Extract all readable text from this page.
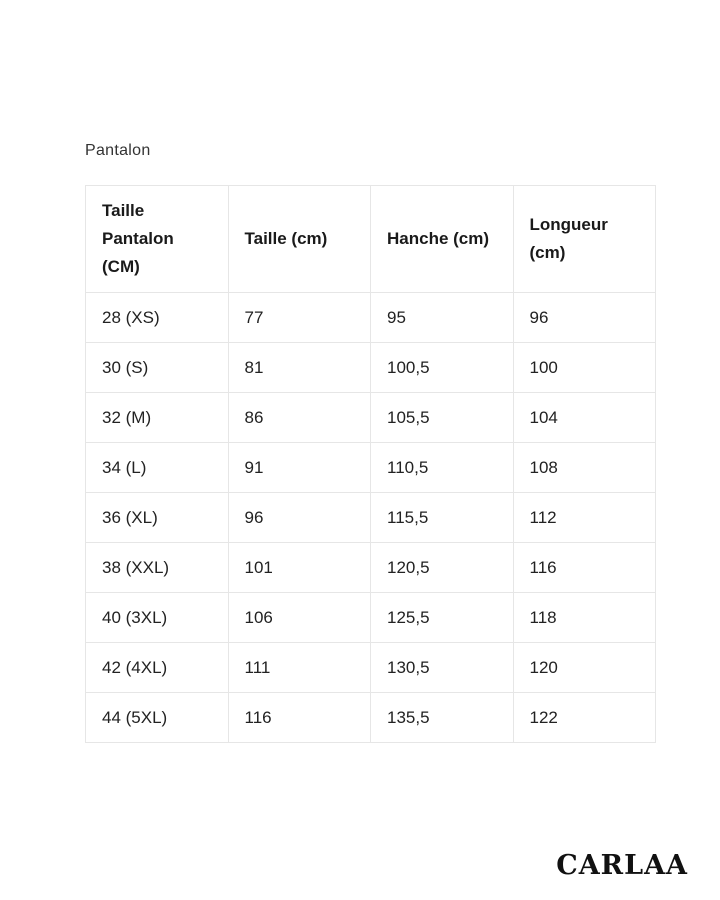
Pantalon
Taille Pantalon (CM)	Taille (cm)	Hanche (cm)	Longueur (cm)
28 (XS)	77	95	96
30 (S)	81	100,5	100
32 (M)	86	105,5	104
34 (L)	91	110,5	108
36 (XL)	96	115,5	112
38 (XXL)	101	120,5	116
40 (3XL)	106	125,5	118
42 (4XL)	111	130,5	120
44 (5XL)	116	135,5	122
CARLAA
